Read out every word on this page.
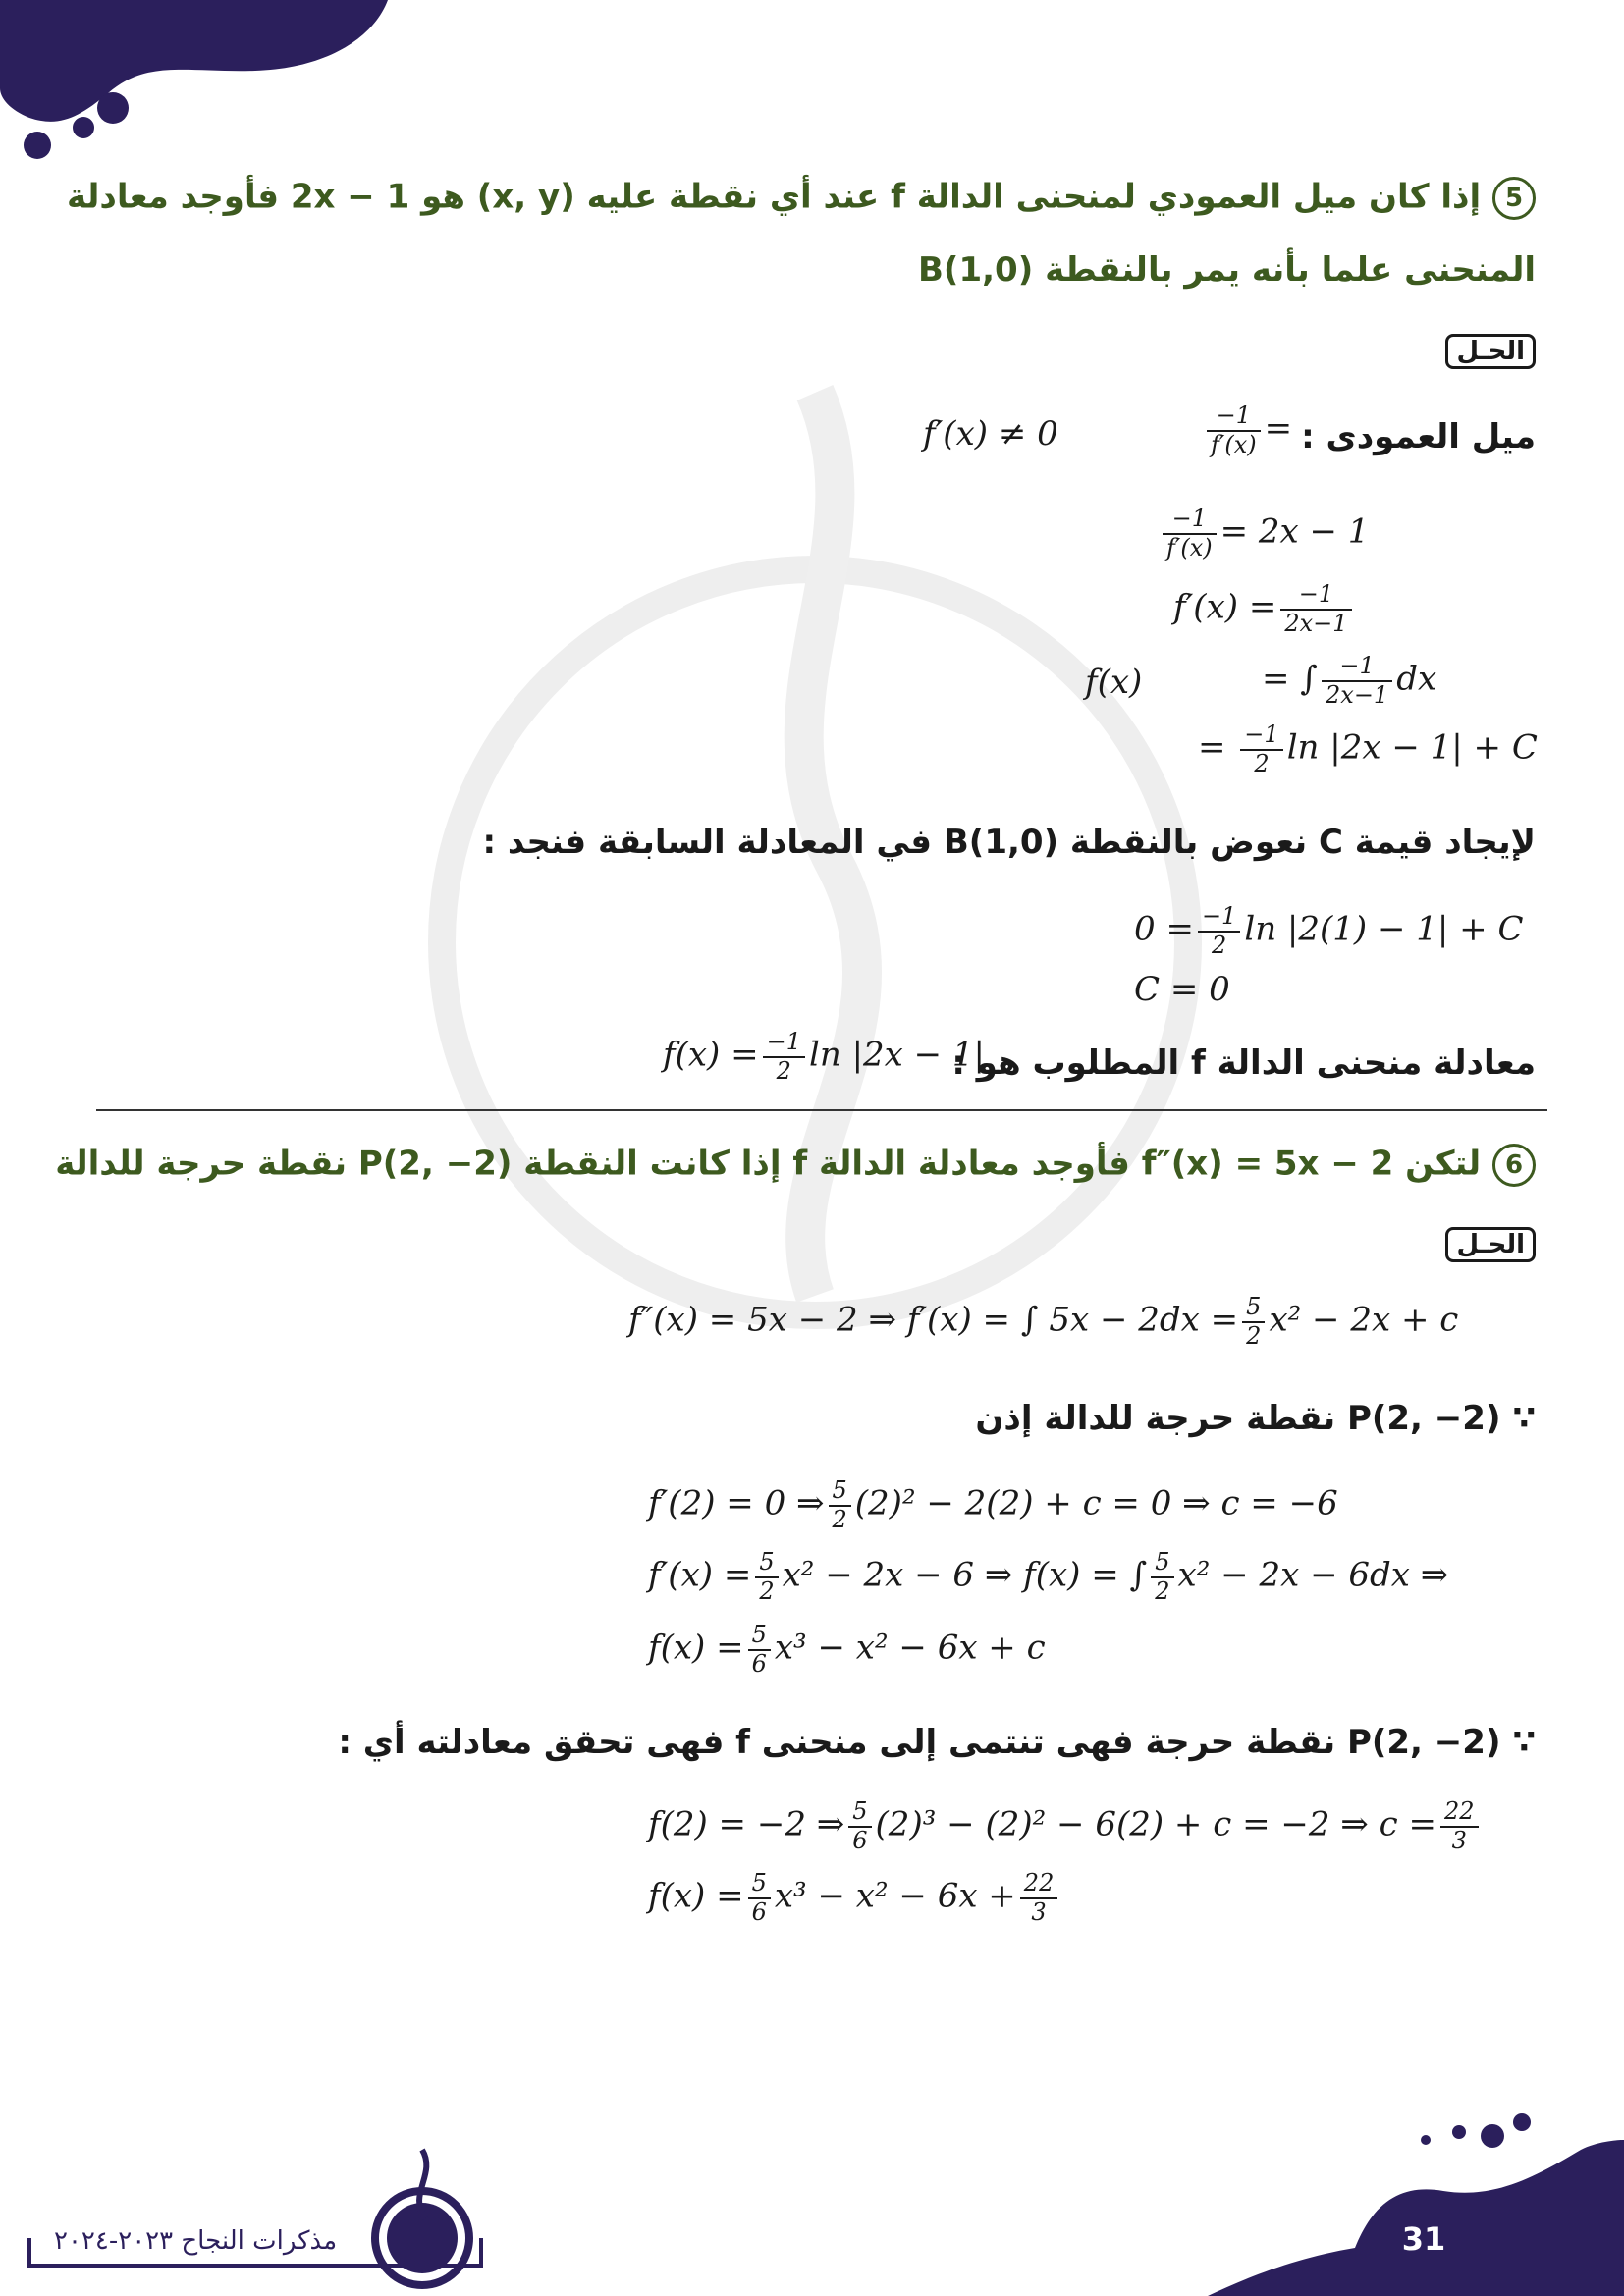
5 إذا كان ميل العمودي لمنحنى الدالة f عند أي نقطة عليه (x, y) هو 2x − 1 فأوجد معادلة
المنحنى علما بأنه يمر بالنقطة B(1,0)
الحـل
ميل العمودى :
$\frac{-1}{f'(x)}$ =
f′(x) ≠ 0
$\frac{-1}{f'(x)} = 2x - 1$
$f'(x) = \frac{-1}{2x-1}$
f(x)	= ∫ $\frac{-1}{2x-1}$ dx
= $\frac{-1}{2}$ ln |2x − 1| + C
لإيجاد قيمة C نعوض بالنقطة B(1,0) في المعادلة السابقة فنجد :
$0 = \frac{-1}{2}$ ln |2(1) − 1| + C
C = 0
معادلة منحنى الدالة f المطلوب هو :
$f(x) = \frac{-1}{2}$ ln |2x − 1|
6 لتكن f″(x) = 5x − 2 فأوجد معادلة الدالة f إذا كانت النقطة P(2, −2) نقطة حرجة للدالة
الحـل
f″(x) = 5x − 2 ⇒ f′(x) = ∫ $5x - 2dx = \frac{5}{2} x^2 - 2x + c$
∵ P(2, −2) نقطة حرجة للدالة إذن
f′(2) = 0 ⇒ $\frac{5}{2} (2)^2 - 2(2) + c = 0$ ⇒ c = −6
$f'(x) = \frac{5}{2} x^2 - 2x - 6$ ⇒ f(x) = ∫ $\frac{5}{2} x^2 - 2x - 6dx$ ⇒
$f(x) = \frac{5}{6} x^3 - x^2 - 6x + c$
∵ P(2, −2) نقطة حرجة فهى تنتمى إلى منحنى f فهى تحقق معادلته أي :
f(2) = −2 ⇒ $\frac{5}{6} (2)^3 - (2)^2 - 6(2) + c = -2$ ⇒ $c = \frac{22}{3}$
$f(x) = \frac{5}{6} x^3 - x^2 - 6x + \frac{22}{3}$
مذكرات النجاح ٢٠٢٣-٢٠٢٤	31
